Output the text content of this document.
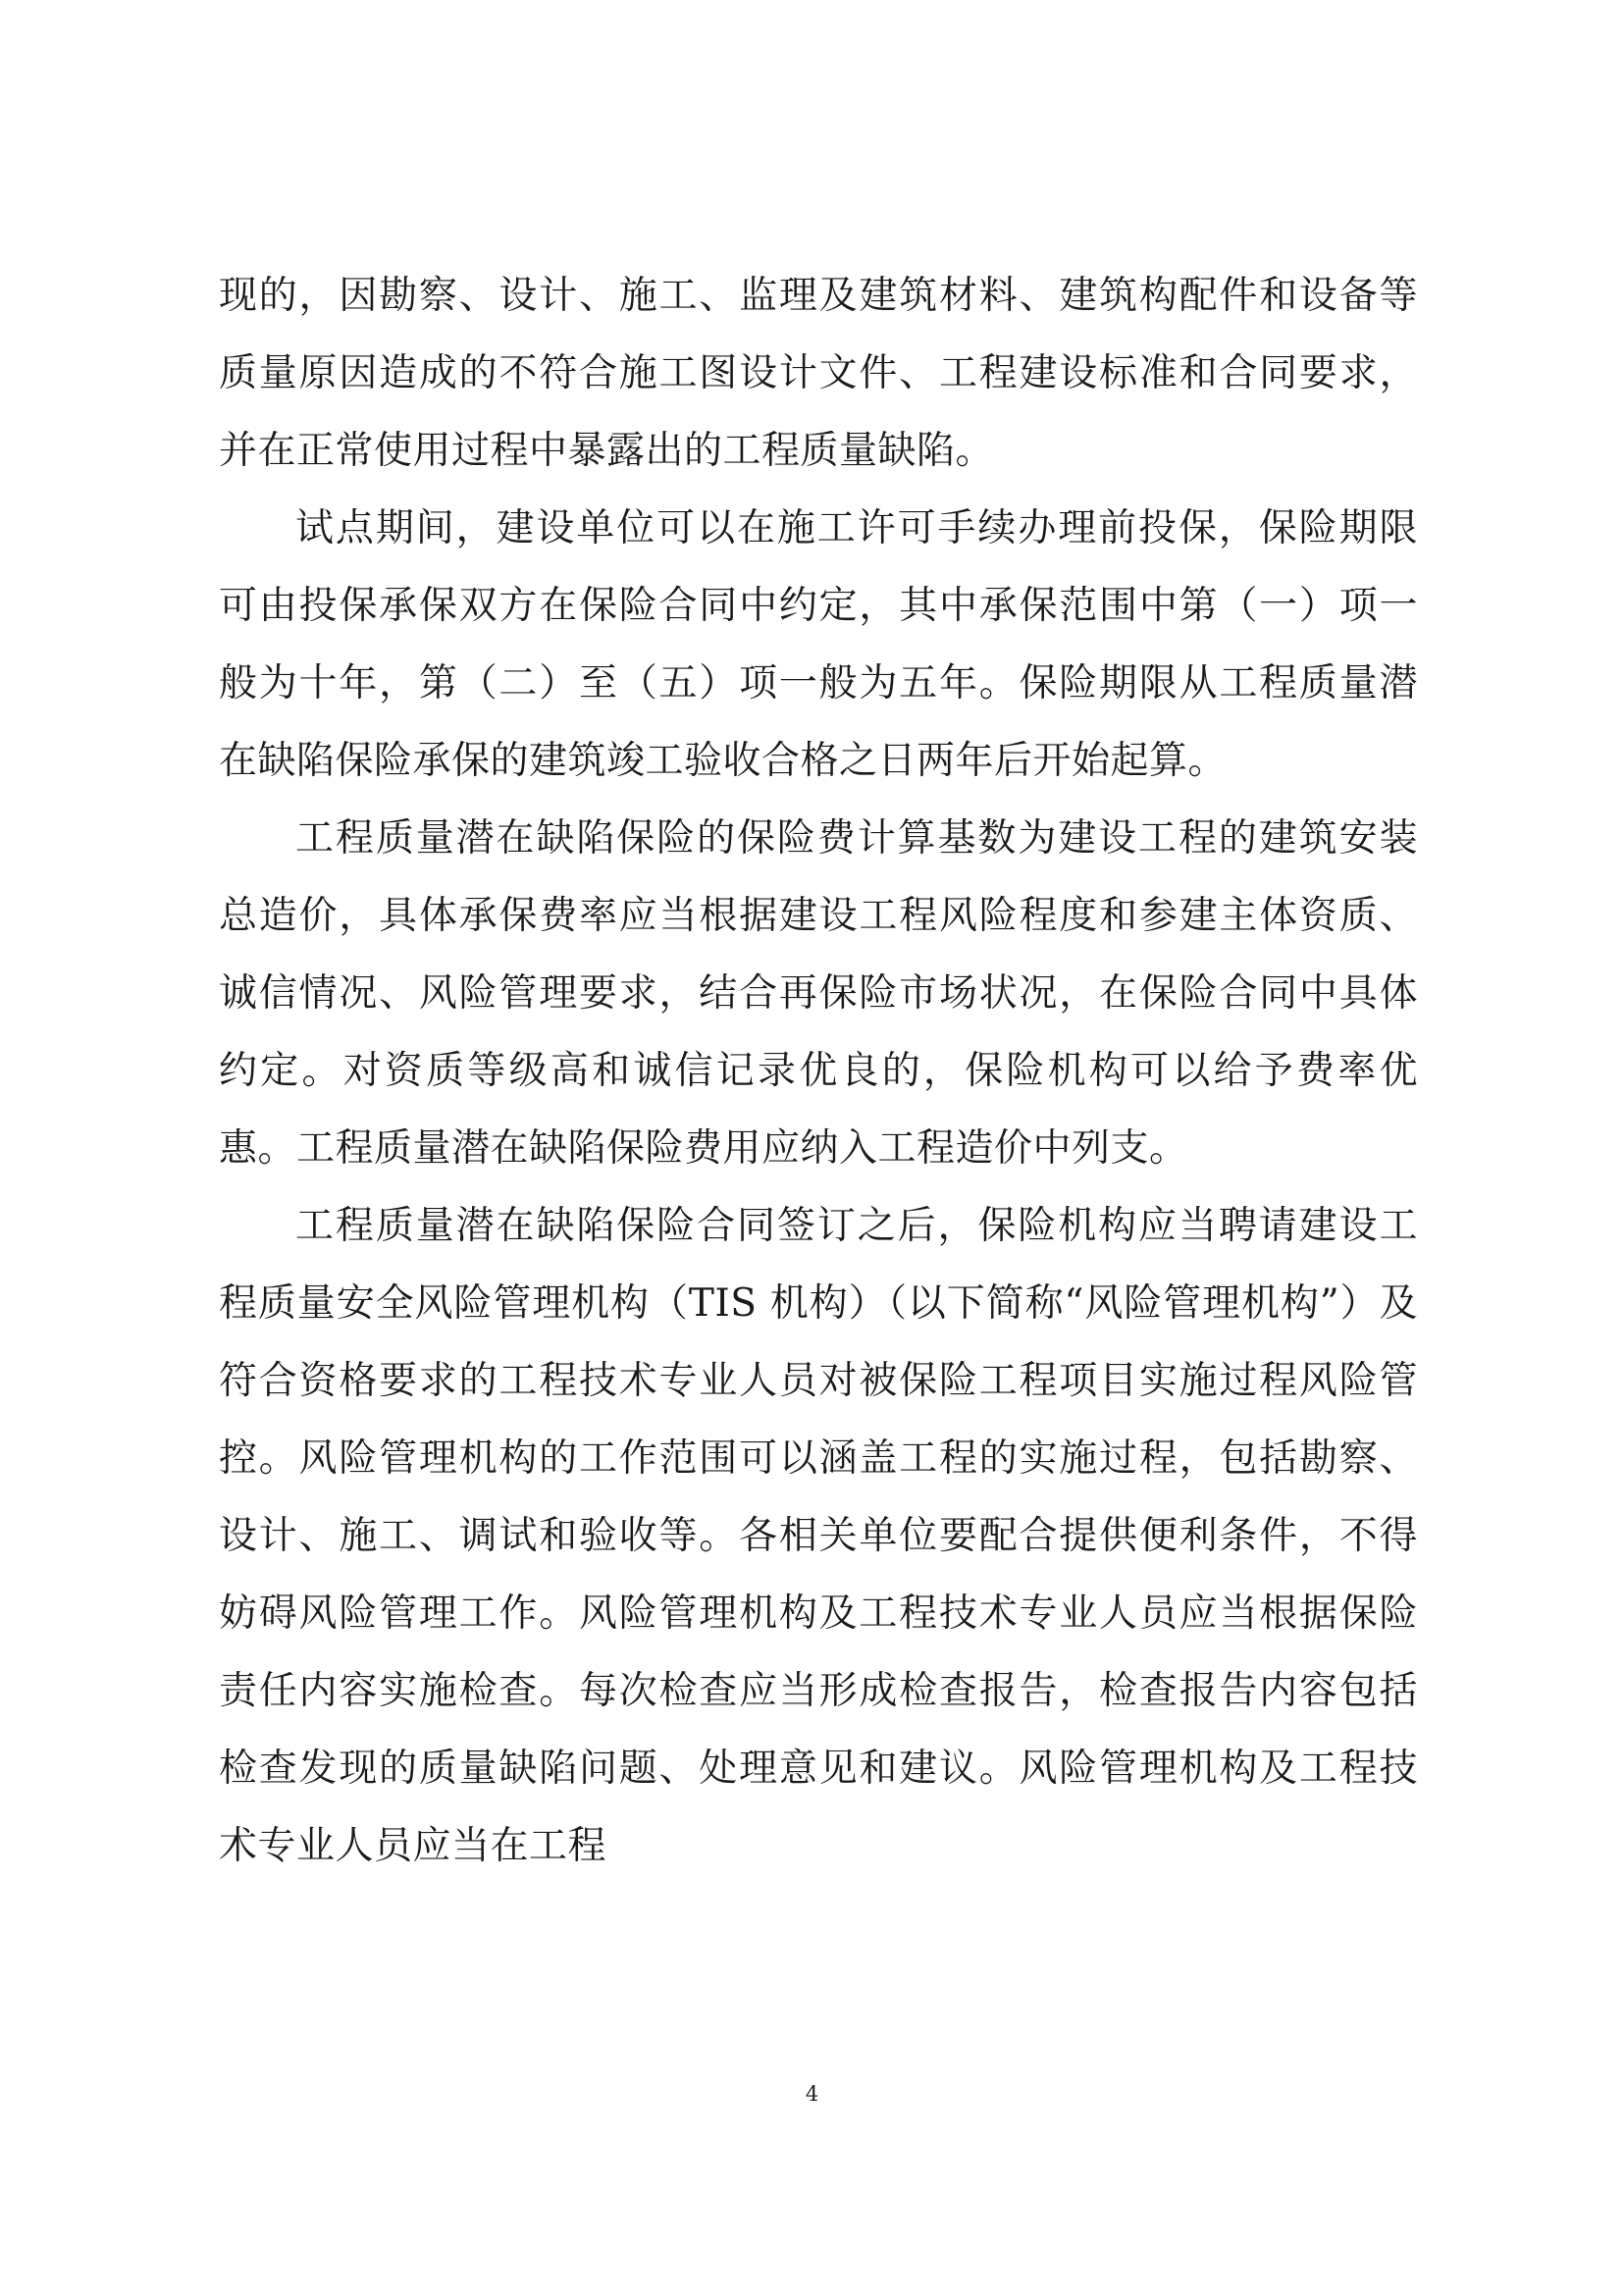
现的，因勘察、设计、施工、监理及建筑材料、建筑构配件和设备等质量原因造成的不符合施工图设计文件、工程建设标准和合同要求，并在正常使用过程中暴露出的工程质量缺陷。

试点期间，建设单位可以在施工许可手续办理前投保，保险期限可由投保承保双方在保险合同中约定，其中承保范围中第（一）项一般为十年，第（二）至（五）项一般为五年。保险期限从工程质量潜在缺陷保险承保的建筑竣工验收合格之日两年后开始起算。

工程质量潜在缺陷保险的保险费计算基数为建设工程的建筑安装总造价，具体承保费率应当根据建设工程风险程度和参建主体资质、诚信情况、风险管理要求，结合再保险市场状况，在保险合同中具体约定。对资质等级高和诚信记录优良的，保险机构可以给予费率优惠。工程质量潜在缺陷保险费用应纳入工程造价中列支。

工程质量潜在缺陷保险合同签订之后，保险机构应当聘请建设工程质量安全风险管理机构（TIS 机构）（以下简称“风险管理机构”）及符合资格要求的工程技术专业人员对被保险工程项目实施过程风险管控。风险管理机构的工作范围可以涵盖工程的实施过程，包括勘察、设计、施工、调试和验收等。各相关单位要配合提供便利条件，不得妨碍风险管理工作。风险管理机构及工程技术专业人员应当根据保险责任内容实施检查。每次检查应当形成检查报告，检查报告内容包括检查发现的质量缺陷问题、处理意见和建议。风险管理机构及工程技术专业人员应当在工程

4
